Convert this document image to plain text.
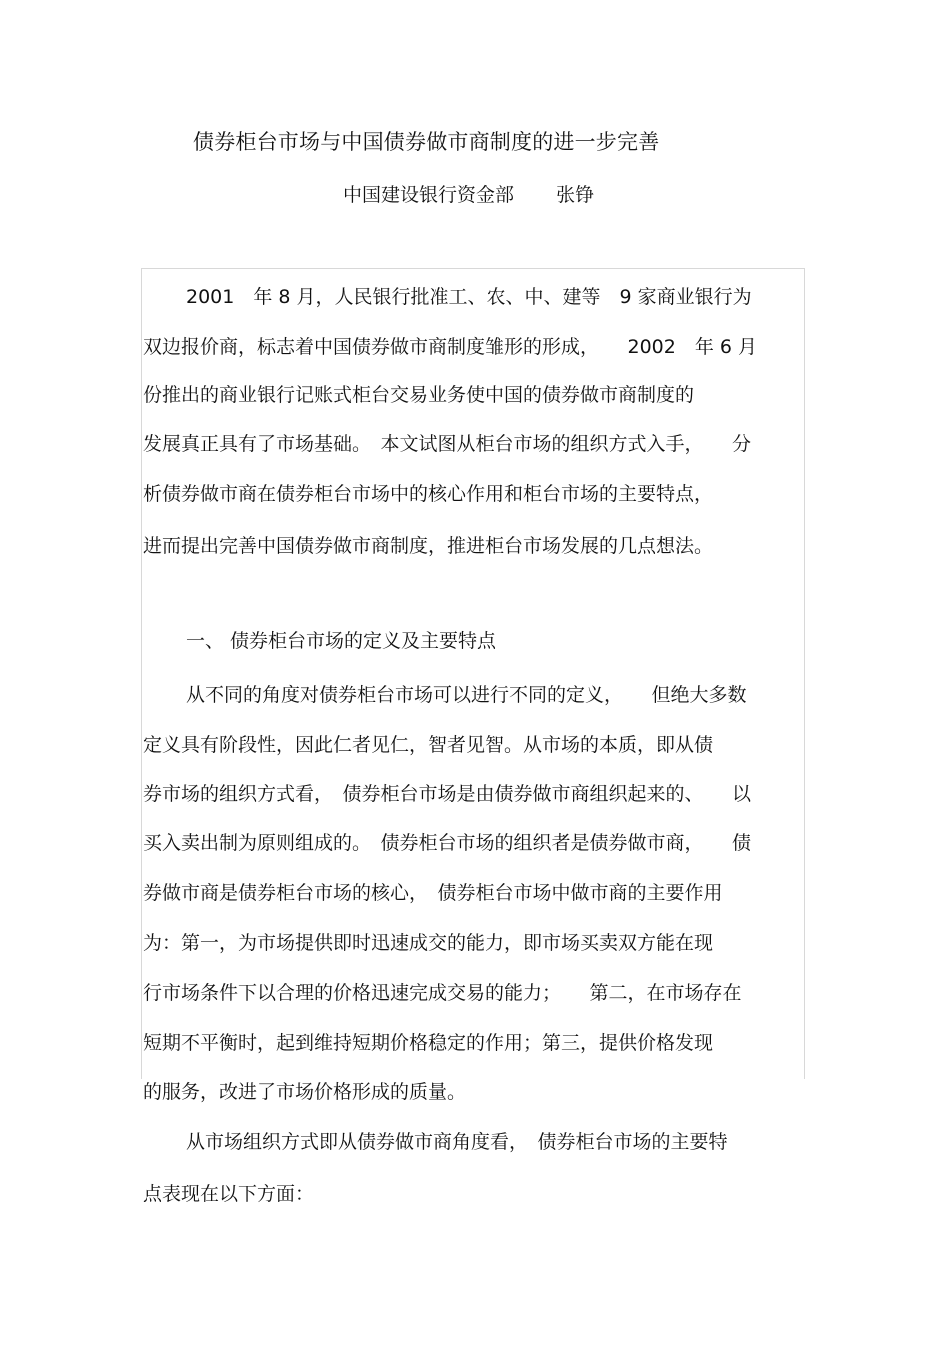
债券柜台市场与中国债券做市商制度的进一步完善
中国建设银行资金部 张铮
2001　年 8 月，人民银行批准工、农、中、建等　9 家商业银行为
双边报价商，标志着中国债券做市商制度雏形的形成，　　2002　年 6 月
份推出的商业银行记账式柜台交易业务使中国的债券做市商制度的
发展真正具有了市场基础。　本文试图从柜台市场的组织方式入手，　　分
析债券做市商在债券柜台市场中的核心作用和柜台市场的主要特点，
进而提出完善中国债券做市商制度，推进柜台市场发展的几点想法。
一、 债券柜台市场的定义及主要特点
从不同的角度对债券柜台市场可以进行不同的定义，　　但绝大多数
定义具有阶段性，因此仁者见仁，智者见智。从市场的本质，即从债
券市场的组织方式看，　债券柜台市场是由债券做市商组织起来的、　　以
买入卖出制为原则组成的。　债券柜台市场的组织者是债券做市商，　　债
券做市商是债券柜台市场的核心，　债券柜台市场中做市商的主要作用
为：第一，为市场提供即时迅速成交的能力，即市场买卖双方能在现
行市场条件下以合理的价格迅速完成交易的能力；　　第二，在市场存在
短期不平衡时，起到维持短期价格稳定的作用；第三，提供价格发现
的服务，改进了市场价格形成的质量。
从市场组织方式即从债券做市商角度看，　债券柜台市场的主要特
点表现在以下方面：
